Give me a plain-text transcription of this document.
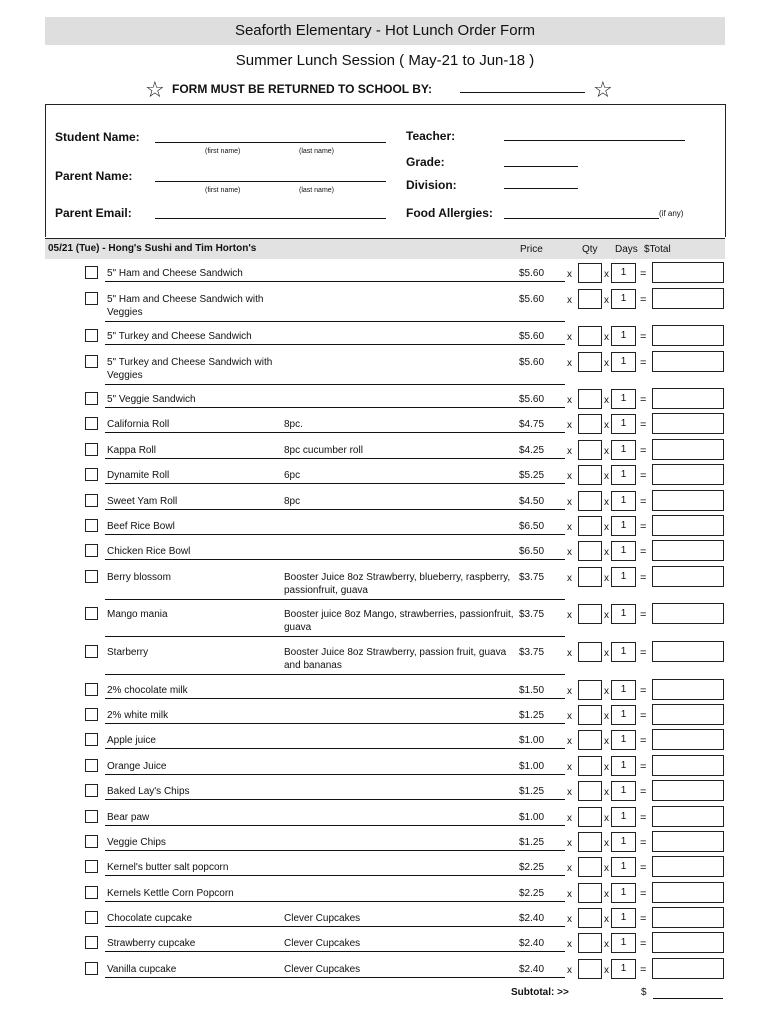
Seaforth Elementary - Hot Lunch Order Form
Summer Lunch Session ( May-21 to Jun-18 )
☆ FORM MUST BE RETURNED TO SCHOOL BY:	☆
Student Name:
(first name)	(last name)
Parent Name:
(first name)	(last name)
Parent Email:
Teacher:
Grade:
Division:
Food Allergies:	(if any)
05/21 (Tue) - Hong's Sushi and Tim Horton's	Price	Qty Days $Total
5" Ham and Cheese Sandwich	$5.60 x	x	1	=
5" Ham and Cheese Sandwich with Veggies
$5.60 x	x	1	=
5" Turkey and Cheese Sandwich	$5.60 x	x	1	=
5" Turkey and Cheese Sandwich with Veggies
$5.60 x	x	1	=
5" Veggie Sandwich	$5.60 x	x	1	=
California Roll	8pc.	$4.75 x	x	1	=
Kappa Roll	8pc cucumber roll	$4.25 x	x	1	=
Dynamite Roll	6pc	$5.25 x	x	1	=
Sweet Yam Roll	8pc	$4.50 x	x	1	=
Beef Rice Bowl	$6.50 x	x	1	=
Chicken Rice Bowl	$6.50 x	x	1	=
Berry blossom	Booster Juice 8oz Strawberry, blueberry, raspberry, passionfruit, guava
$3.75 x	x	1	=
Mango mania	Booster juice 8oz Mango, strawberries, passionfruit, guava
$3.75 x	x	1	=
Starberry	Booster Juice 8oz Strawberry, passion fruit, guava and bananas
$3.75 x	x	1	=
2% chocolate milk	$1.50 x	x	1	=
2% white milk	$1.25 x	x	1	=
Apple juice	$1.00 x	x	1	=
Orange Juice	$1.00 x	x	1	=
Baked Lay's Chips	$1.25 x	x	1	=
Bear paw	$1.00 x	x	1	=
Veggie Chips	$1.25 x	x	1	=
Kernel's butter salt popcorn	$2.25 x	x	1	=
Kernels Kettle Corn Popcorn	$2.25 x	x	1	=
Chocolate cupcake	Clever Cupcakes	$2.40 x	x	1	=
Strawberry cupcake	Clever Cupcakes	$2.40 x	x	1	=
Vanilla cupcake	Clever Cupcakes	$2.40 x	x	1	=
Subtotal: >>	$
